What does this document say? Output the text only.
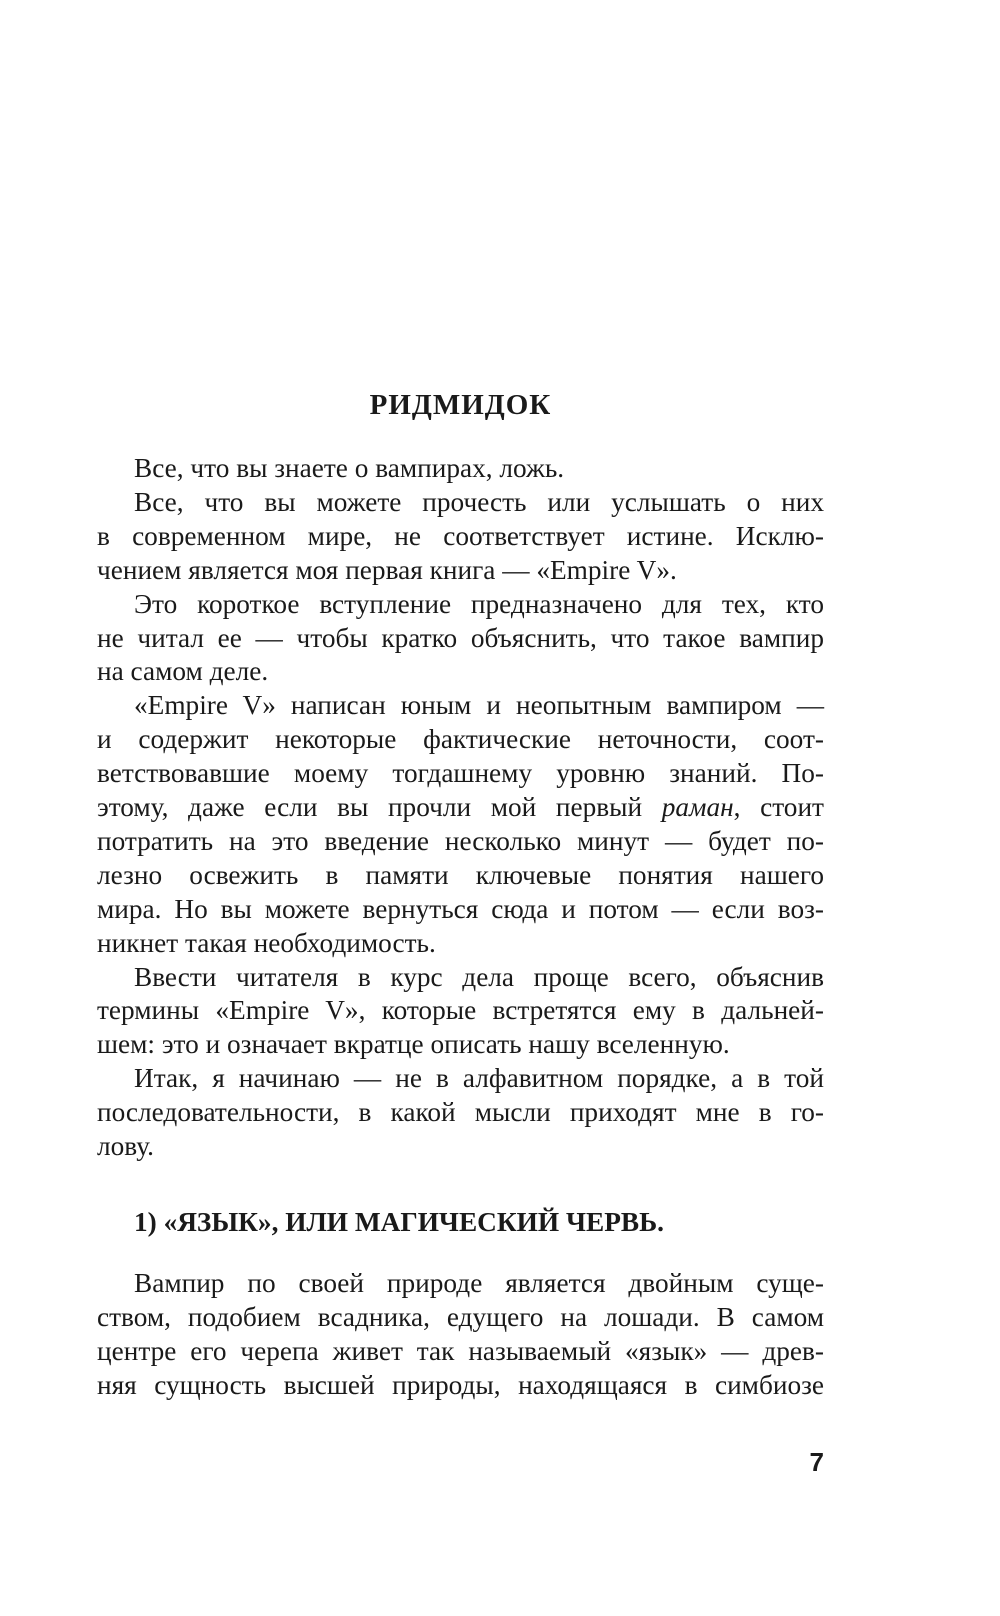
РИДМИДОК
Все, что вы знаете о вампирах, ложь.
Все, что вы можете прочесть или услышать о них
в современном мире, не соответствует истине. Исклю-
чением является моя первая книга — «Empire V».
Это короткое вступление предназначено для тех, кто
не читал ее — чтобы кратко объяснить, что такое вампир
на самом деле.
«Empire V» написан юным и неопытным вампиром —
и содержит некоторые фактические неточности, соот-
ветствовавшие моему тогдашнему уровню знаний. По-
этому, даже если вы прочли мой первый раман, стоит
потратить на это введение несколько минут — будет по-
лезно освежить в памяти ключевые понятия нашего
мира. Но вы можете вернуться сюда и потом — если воз-
никнет такая необходимость.
Ввести читателя в курс дела проще всего, объяснив
термины «Empire V», которые встретятся ему в дальней-
шем: это и означает вкратце описать нашу вселенную.
Итак, я начинаю — не в алфавитном порядке, а в той
последовательности, в какой мысли приходят мне в го-
лову.
1) «ЯЗЫК», ИЛИ МАГИЧЕСКИЙ ЧЕРВЬ.
Вампир по своей природе является двойным суще-
ством, подобием всадника, едущего на лошади. В самом
центре его черепа живет так называемый «язык» — древ-
няя сущность высшей природы, находящаяся в симбиозе
7
